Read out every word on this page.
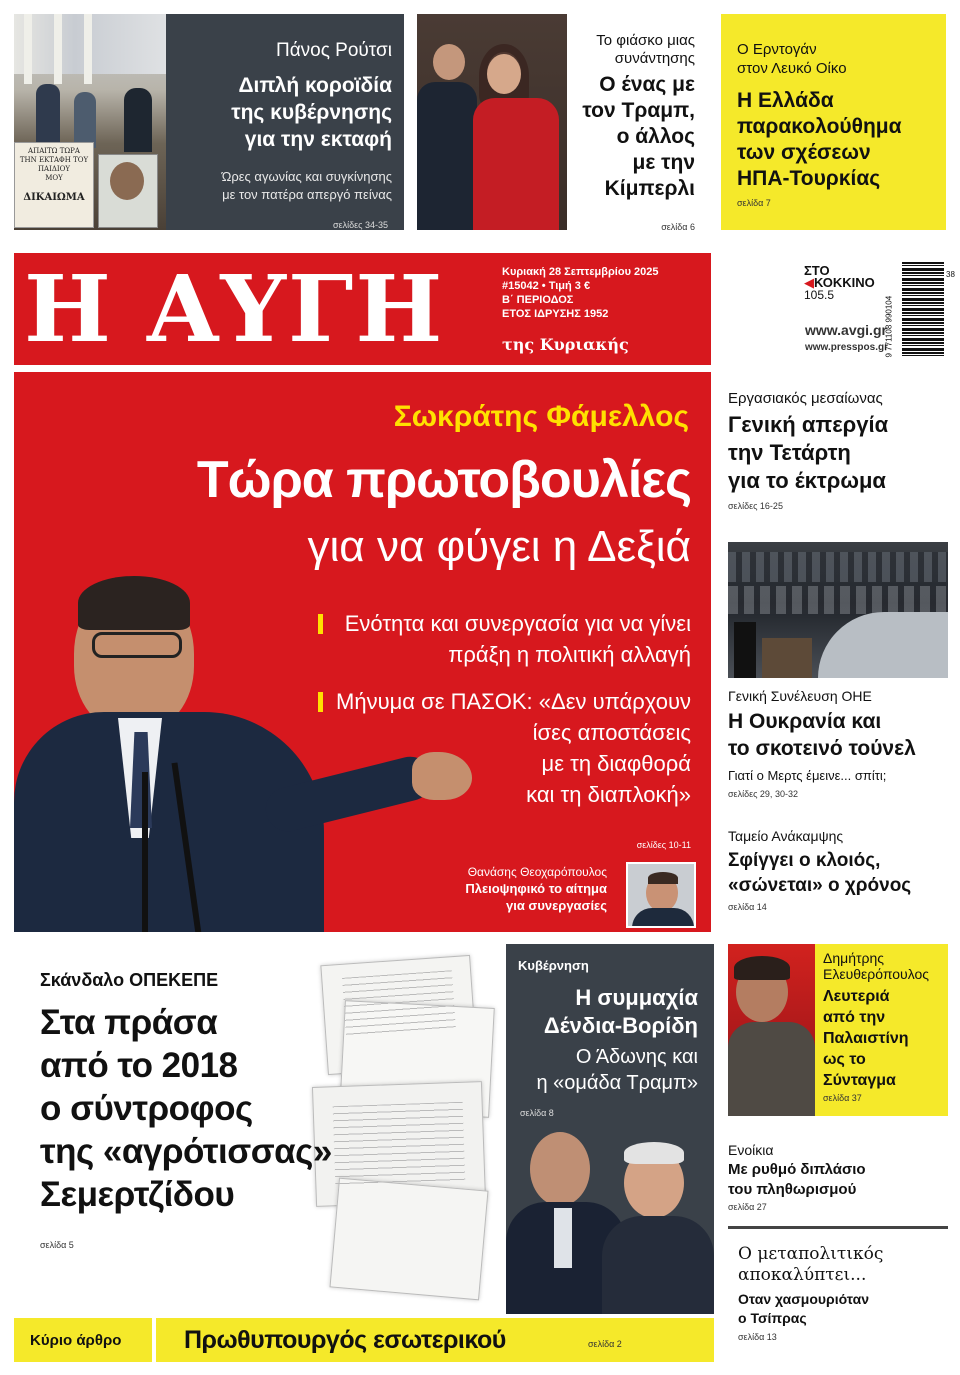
ΑΠΑΙΤΩ ΤΩΡΑ
ΤΗΝ ΕΚΤΑΦΗ ΤΟΥ
ΠΑΙΔΙΟΥ
ΜΟΥ
ΔΙΚΑΙΩΜΑ
Πάνος Ρούτσι
Διπλή κοροϊδία
της κυβέρνησης
για την εκταφή
Ώρες αγωνίας και συγκίνησης
με τον πατέρα απεργό πείνας
σελίδες 34-35
Το φιάσκο μιας
συνάντησης
Ο ένας με
τον Τραμπ,
ο άλλος
με την
Κίμπερλι
σελίδα 6
Ο Ερντογάν
στον Λευκό Οίκο
Η Ελλάδα
παρακολούθημα
των σχέσεων
ΗΠΑ-Τουρκίας
σελίδα 7
Η ΑΥΓΗ	Κυριακή 28 Σεπτεμβρίου 2025
#15042 • Τιμή 3 €
Β΄ ΠΕΡΙΟΔΟΣ
ΕΤΟΣ ΙΔΡΥΣΗΣ 1952
της Κυριακής
ΣΤΟ
◀ΚΟΚΚΙΝΟ
105.5
www.avgi.gr
www.presspos.gr
9 771108 990104
38
Σωκράτης Φάμελλος
Τώρα πρωτοβουλίες
για να φύγει η Δεξιά
Ενότητα και συνεργασία για να γίνει
πράξη η πολιτική αλλαγή
Μήνυμα σε ΠΑΣΟΚ: «Δεν υπάρχουν
ίσες αποστάσεις
με τη διαφθορά
και τη διαπλοκή»
σελίδες 10-11
Θανάσης Θεοχαρόπουλος
Πλειοψηφικό το αίτημα
για συνεργασίες
Εργασιακός μεσαίωνας
Γενική απεργία
την Τετάρτη
για το έκτρωμα
σελίδες 16-25
Γενική Συνέλευση ΟΗΕ
Η Ουκρανία και
το σκοτεινό τούνελ
Γιατί ο Μερτς έμεινε... σπίτι;
σελίδες 29, 30-32
Ταμείο Ανάκαμψης
Σφίγγει ο κλοιός,
«σώνεται» ο χρόνος
σελίδα 14
Δημήτρης
Ελευθερόπουλος
Λευτεριά
από την
Παλαιστίνη
ως το
Σύνταγμα
σελίδα 37
Ενοίκια
Με ρυθμό διπλάσιο
του πληθωρισμού
σελίδα 27
Ο μεταπολιτικός
αποκαλύπτει...
Οταν χασμουριόταν
ο Τσίπρας
σελίδα 13
Σκάνδαλο ΟΠΕΚΕΠΕ
Στα πράσα
από το 2018
ο σύντροφος
της «αγρότισσας»
Σεμερτζίδου
σελίδα 5
Κυβέρνηση
Η συμμαχία
Δένδια-Βορίδη
Ο Άδωνης και
η «ομάδα Τραμπ»
σελίδα 8
Κύριο άρθρο	Πρωθυπουργός εσωτερικού	σελίδα 2
